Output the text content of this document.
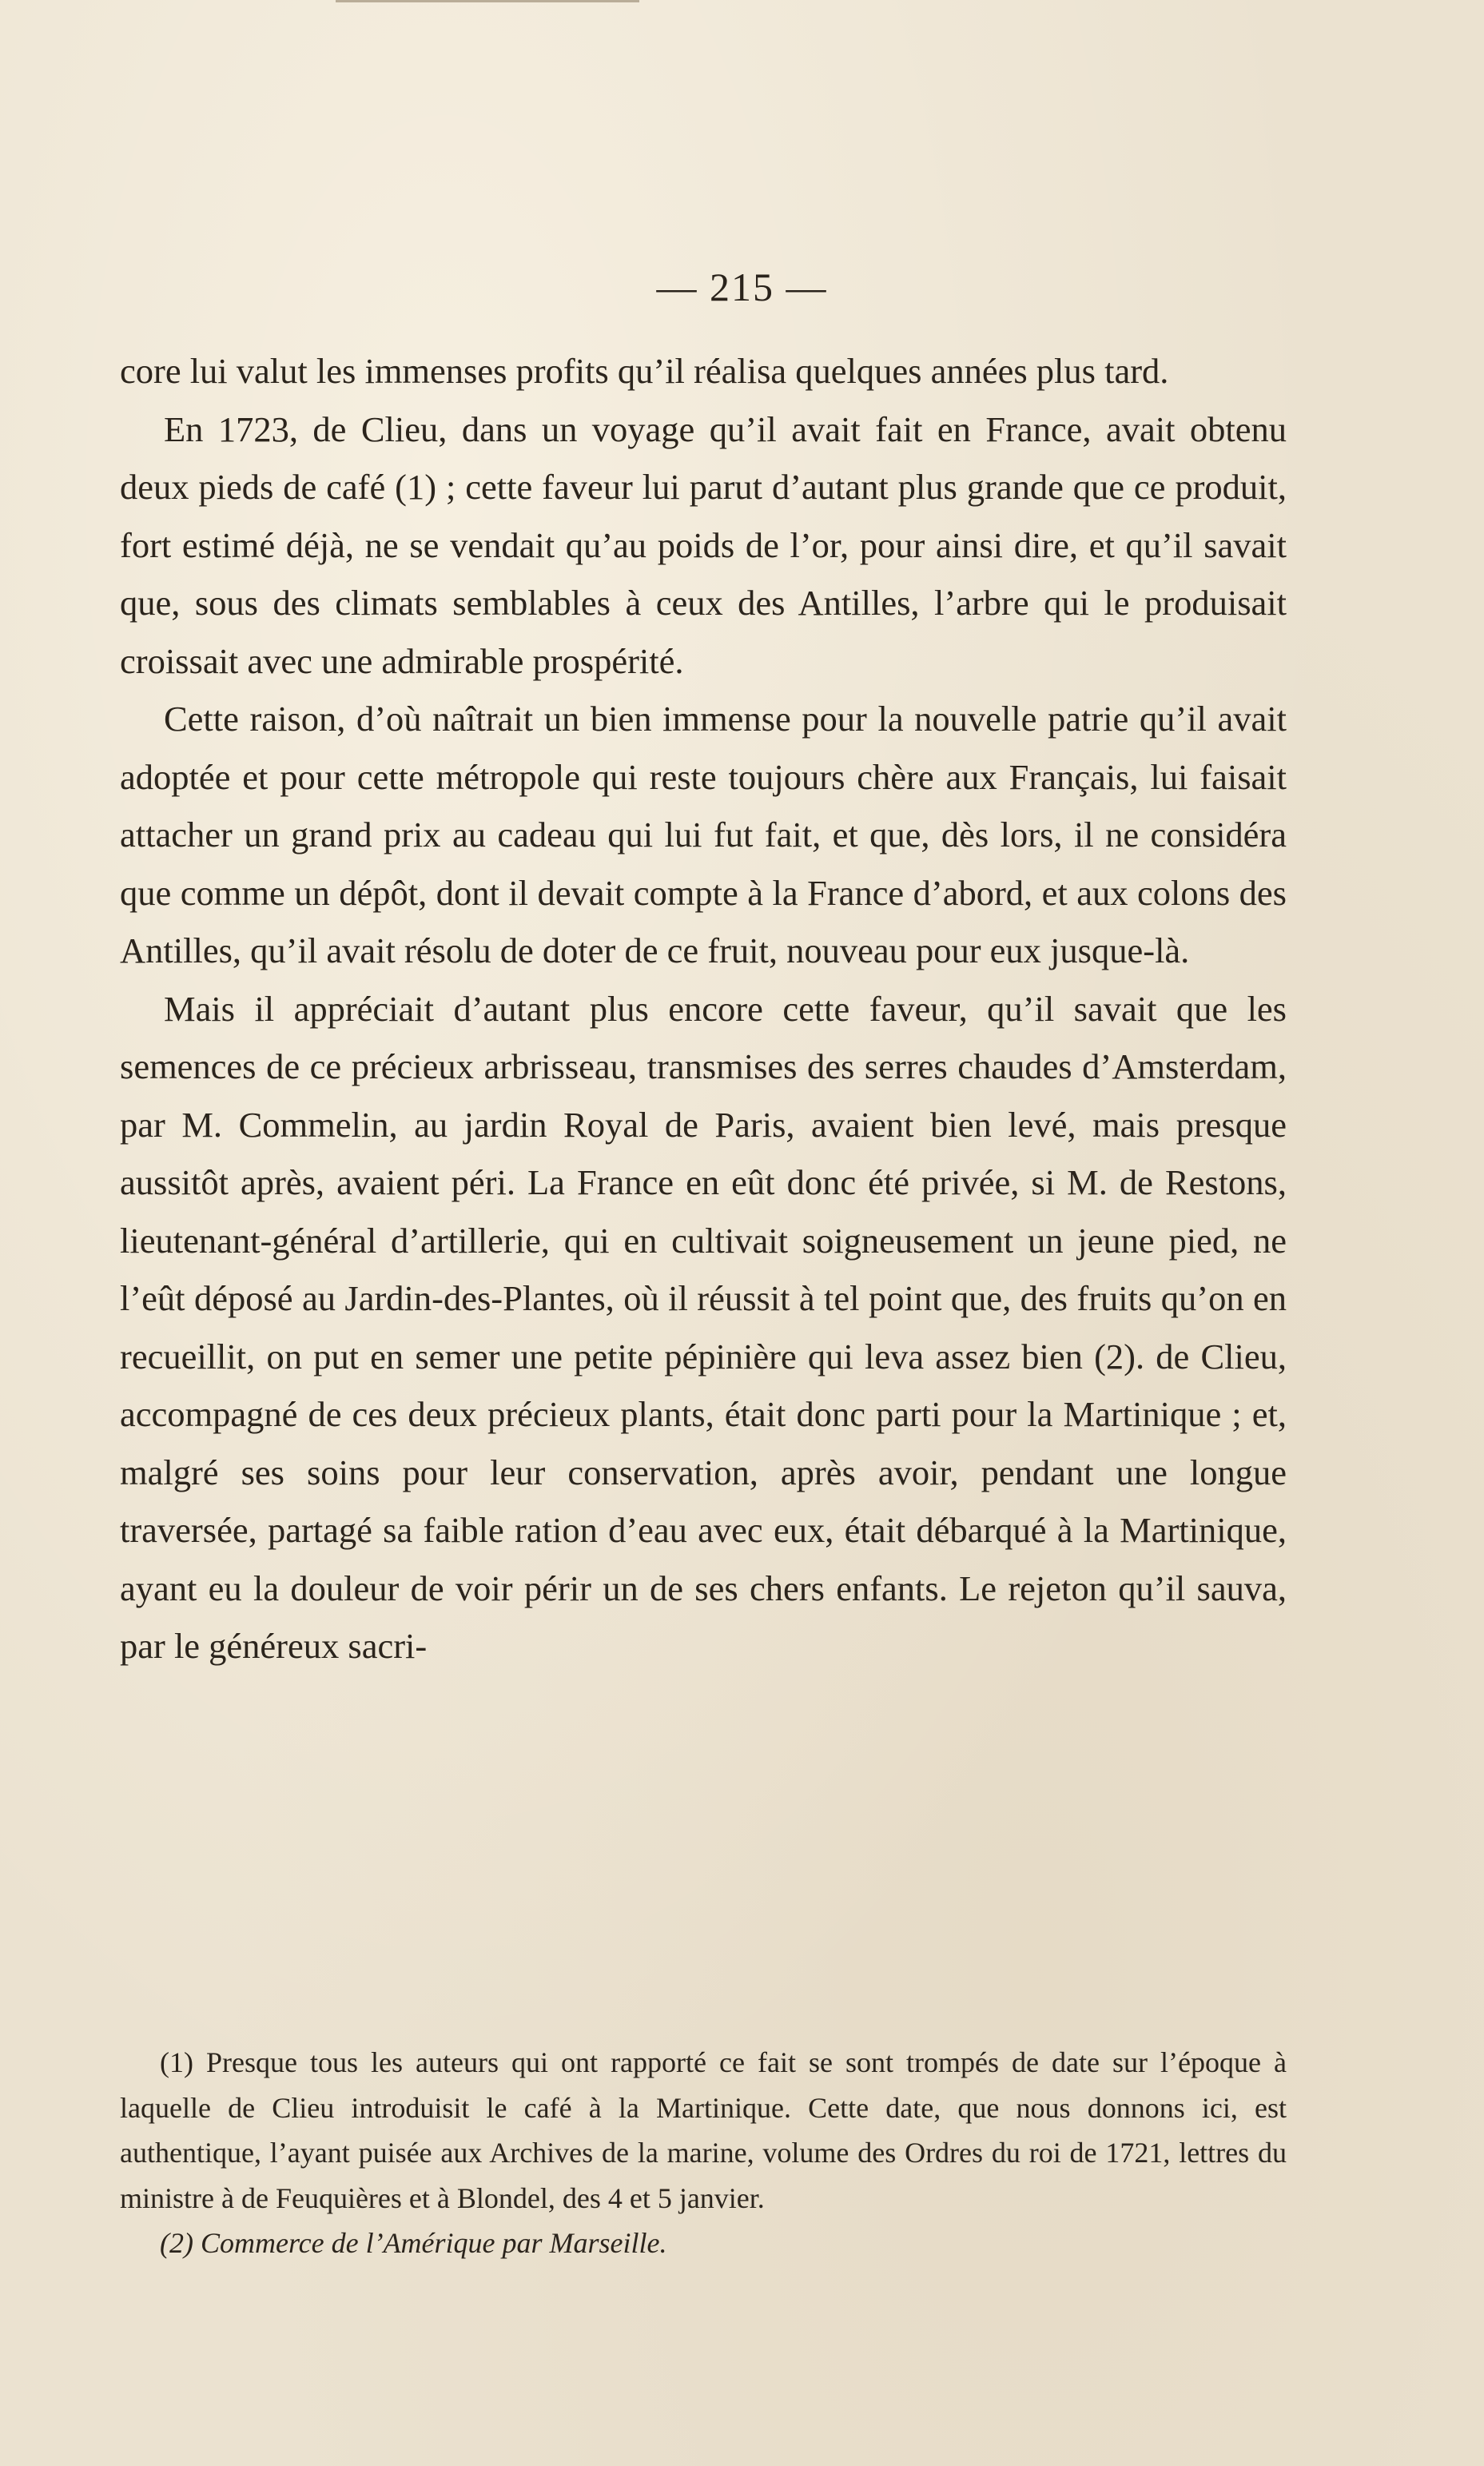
— 215 —

core lui valut les immenses profits qu’il réalisa quelques années plus tard.

En 1723, de Clieu, dans un voyage qu’il avait fait en France, avait obtenu deux pieds de café (1) ; cette faveur lui parut d’autant plus grande que ce produit, fort estimé déjà, ne se vendait qu’au poids de l’or, pour ainsi dire, et qu’il savait que, sous des climats semblables à ceux des Antilles, l’arbre qui le produisait croissait avec une admirable prospérité.

Cette raison, d’où naîtrait un bien immense pour la nouvelle patrie qu’il avait adoptée et pour cette métropole qui reste toujours chère aux Français, lui faisait attacher un grand prix au cadeau qui lui fut fait, et que, dès lors, il ne considéra que comme un dépôt, dont il devait compte à la France d’abord, et aux colons des Antilles, qu’il avait résolu de doter de ce fruit, nouveau pour eux jusque-là.

Mais il appréciait d’autant plus encore cette faveur, qu’il savait que les semences de ce précieux arbrisseau, transmises des serres chaudes d’Amsterdam, par M. Commelin, au jardin Royal de Paris, avaient bien levé, mais presque aussitôt après, avaient péri. La France en eût donc été privée, si M. de Restons, lieutenant-général d’artillerie, qui en cultivait soigneusement un jeune pied, ne l’eût déposé au Jardin-des-Plantes, où il réussit à tel point que, des fruits qu’on en recueillit, on put en semer une petite pépinière qui leva assez bien (2). de Clieu, accompagné de ces deux précieux plants, était donc parti pour la Martinique ; et, malgré ses soins pour leur conservation, après avoir, pendant une longue traversée, partagé sa faible ration d’eau avec eux, était débarqué à la Martinique, ayant eu la douleur de voir périr un de ses chers enfants. Le rejeton qu’il sauva, par le généreux sacri-

(1) Presque tous les auteurs qui ont rapporté ce fait se sont trompés de date sur l’époque à laquelle de Clieu introduisit le café à la Martinique. Cette date, que nous donnons ici, est authentique, l’ayant puisée aux Archives de la marine, volume des Ordres du roi de 1721, lettres du ministre à de Feuquières et à Blondel, des 4 et 5 janvier.

(2) Commerce de l’Amérique par Marseille.
